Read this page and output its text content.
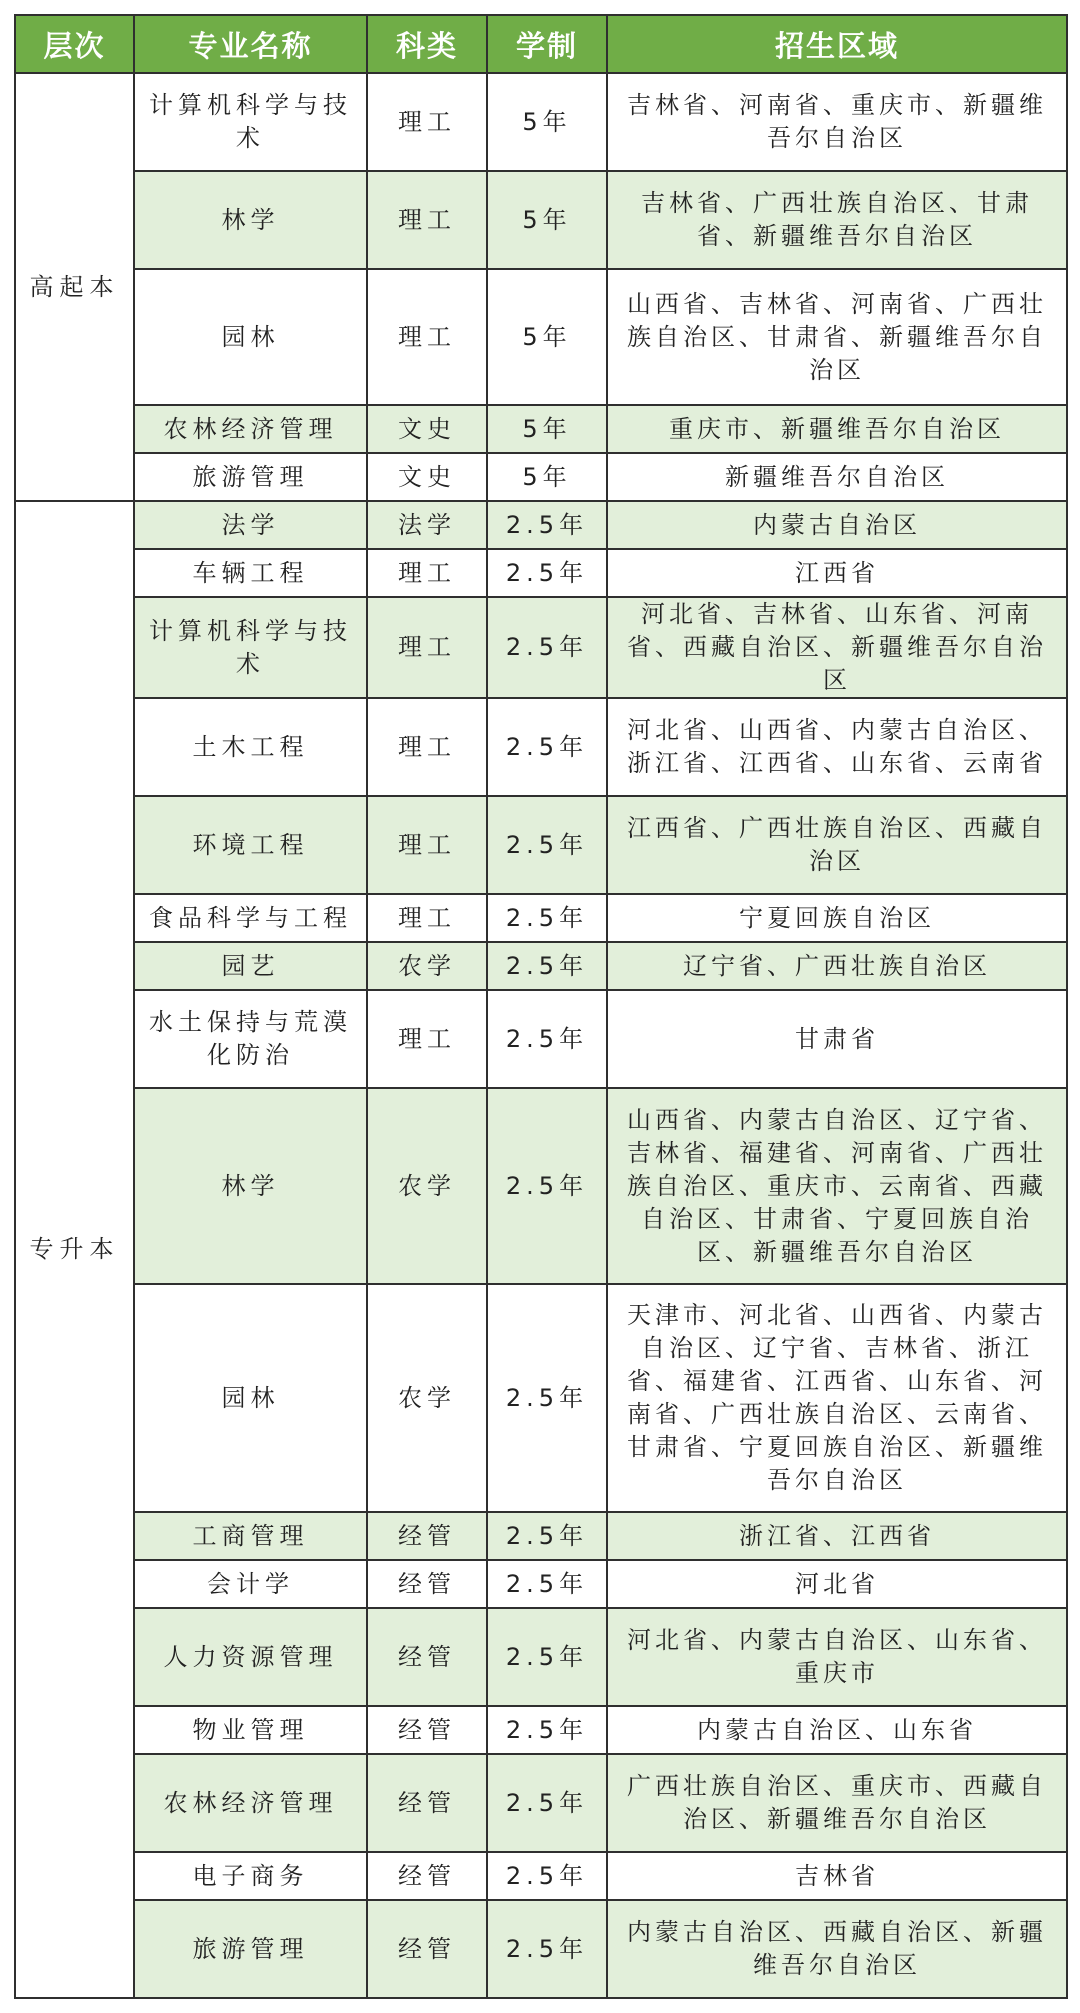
层次	专业名称	科类	学制	招生区域
高起本	计算机科学与技术	理工	5年	吉林省、河南省、重庆市、新疆维吾尔自治区
	林学	理工	5年	吉林省、广西壮族自治区、甘肃省、新疆维吾尔自治区
	园林	理工	5年	山西省、吉林省、河南省、广西壮族自治区、甘肃省、新疆维吾尔自治区
	农林经济管理	文史	5年	重庆市、新疆维吾尔自治区
	旅游管理	文史	5年	新疆维吾尔自治区
专升本	法学	法学	2.5年	内蒙古自治区
	车辆工程	理工	2.5年	江西省
	计算机科学与技术	理工	2.5年	河北省、吉林省、山东省、河南省、西藏自治区、新疆维吾尔自治区
	土木工程	理工	2.5年	河北省、山西省、内蒙古自治区、浙江省、江西省、山东省、云南省
	环境工程	理工	2.5年	江西省、广西壮族自治区、西藏自治区
	食品科学与工程	理工	2.5年	宁夏回族自治区
	园艺	农学	2.5年	辽宁省、广西壮族自治区
	水土保持与荒漠化防治	理工	2.5年	甘肃省
	林学	农学	2.5年	山西省、内蒙古自治区、辽宁省、吉林省、福建省、河南省、广西壮族自治区、重庆市、云南省、西藏自治区、甘肃省、宁夏回族自治区、新疆维吾尔自治区
	园林	农学	2.5年	天津市、河北省、山西省、内蒙古自治区、辽宁省、吉林省、浙江省、福建省、江西省、山东省、河南省、广西壮族自治区、云南省、甘肃省、宁夏回族自治区、新疆维吾尔自治区
	工商管理	经管	2.5年	浙江省、江西省
	会计学	经管	2.5年	河北省
	人力资源管理	经管	2.5年	河北省、内蒙古自治区、山东省、重庆市
	物业管理	经管	2.5年	内蒙古自治区、山东省
	农林经济管理	经管	2.5年	广西壮族自治区、重庆市、西藏自治区、新疆维吾尔自治区
	电子商务	经管	2.5年	吉林省
	旅游管理	经管	2.5年	内蒙古自治区、西藏自治区、新疆维吾尔自治区
